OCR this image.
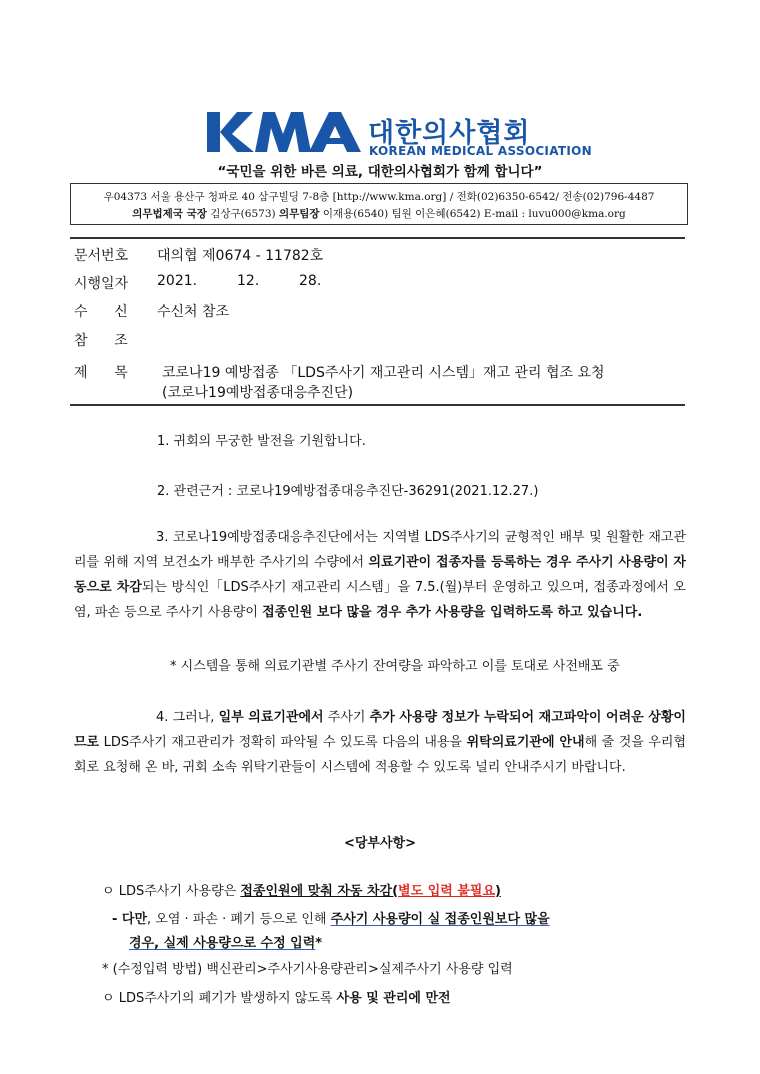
대한의사협회
KOREAN MEDICAL ASSOCIATION
“국민을 위한 바른 의료, 대한의사협회가 함께 합니다”
우04373 서울 용산구 청파로 40 삼구빌딩 7-8층 [http://www.kma.org] / 전화(02)6350-6542/ 전송(02)796-4487
의무법제국 국장 김상구(6573) 의무팀장 이재용(6540) 팀원 이은혜(6542) E-mail : luvu000@kma.org
문서번호 대의협 제0674 - 11782호
시행일자 2021.	12.	28.
수      신 수신처 참조
참      조
제      목 코로나19 예방접종 「LDS주사기 재고관리 시스템」재고 관리 협조 요청
(코로나19예방접종대응추진단)
1. 귀회의 무궁한 발전을 기원합니다.
2. 관련근거 : 코로나19예방접종대응추진단-36291(2021.12.27.)
3. 코로나19예방접종대응추진단에서는 지역별 LDS주사기의 균형적인 배부 및 원활한 재고관리를 위해 지역 보건소가 배부한 주사기의 수량에서 의료기관이 접종자를 등록하는 경우 주사기 사용량이 자동으로 차감되는 방식인「LDS주사기 재고관리 시스템」을 7.5.(월)부터 운영하고 있으며, 접종과정에서 오염, 파손 등으로 주사기 사용량이 접종인원 보다 많을 경우 추가 사용량을 입력하도록 하고 있습니다.
* 시스템을 통해 의료기관별 주사기 잔여량을 파악하고 이를 토대로 사전배포 중
4. 그러나, 일부 의료기관에서 주사기 추가 사용량 정보가 누락되어 재고파악이 어려운 상황이므로 LDS주사기 재고관리가 정확히 파악될 수 있도록 다음의 내용을 위탁의료기관에 안내해 줄 것을 우리협회로 요청해 온 바, 귀회 소속 위탁기관들이 시스템에 적용할 수 있도록 널리 안내주시기 바랍니다.
<당부사항>
ㅇ LDS주사기 사용량은 접종인원에 맞춰 자동 차감(별도 입력 불필요)
- 다만, 오염 · 파손 · 폐기 등으로 인해 주사기 사용량이 실 접종인원보다 많을
경우, 실제 사용량으로 수정 입력*
* (수정입력 방법) 백신관리>주사기사용량관리>실제주사기 사용량 입력
ㅇ LDS주사기의 폐기가 발생하지 않도록 사용 및 관리에 만전
